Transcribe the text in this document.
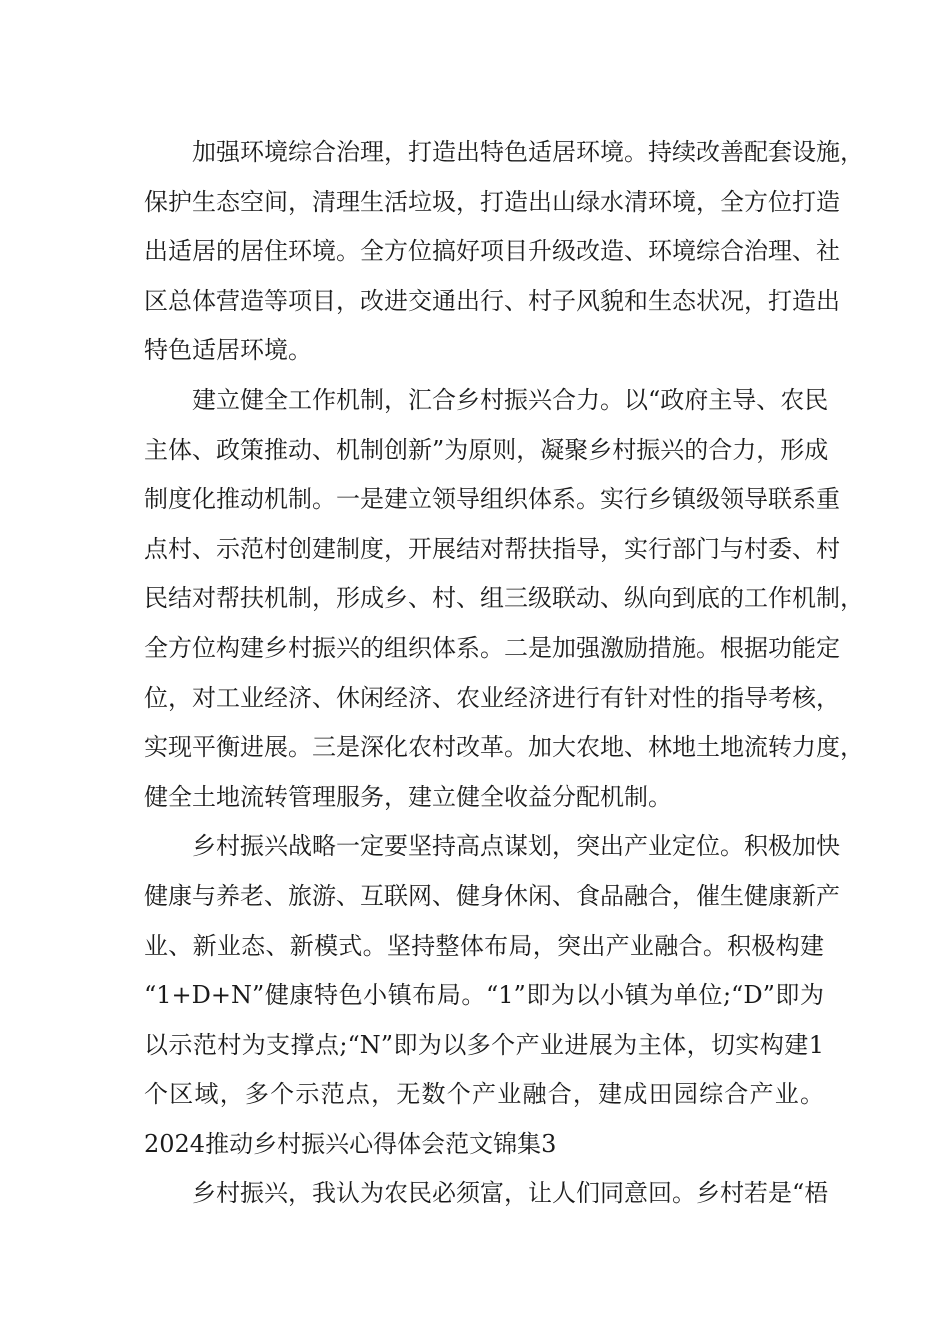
加强环境综合治理，打造出特色适居环境。持续改善配套设施，
保护生态空间，清理生活垃圾，打造出山绿水清环境，全方位打造
出适居的居住环境。全方位搞好项目升级改造、环境综合治理、社
区总体营造等项目，改进交通出行、村子风貌和生态状况，打造出
特色适居环境。
建立健全工作机制，汇合乡村振兴合力。以“政府主导、农民
主体、政策推动、机制创新”为原则，凝聚乡村振兴的合力，形成
制度化推动机制。一是建立领导组织体系。实行乡镇级领导联系重
点村、示范村创建制度，开展结对帮扶指导，实行部门与村委、村
民结对帮扶机制，形成乡、村、组三级联动、纵向到底的工作机制，
全方位构建乡村振兴的组织体系。二是加强激励措施。根据功能定
位，对工业经济、休闲经济、农业经济进行有针对性的指导考核，
实现平衡进展。三是深化农村改革。加大农地、林地土地流转力度，
健全土地流转管理服务，建立健全收益分配机制。
乡村振兴战略一定要坚持高点谋划，突出产业定位。积极加快
健康与养老、旅游、互联网、健身休闲、食品融合，催生健康新产
业、新业态、新模式。坚持整体布局，突出产业融合。积极构建
“1+D+N”健康特色小镇布局。“1”即为以小镇为单位;“D”即为
以示范村为支撑点;“N”即为以多个产业进展为主体，切实构建1
个区域，多个示范点，无数个产业融合，建成田园综合产业。
2024推动乡村振兴心得体会范文锦集3
乡村振兴，我认为农民必须富，让人们同意回。乡村若是“梧
